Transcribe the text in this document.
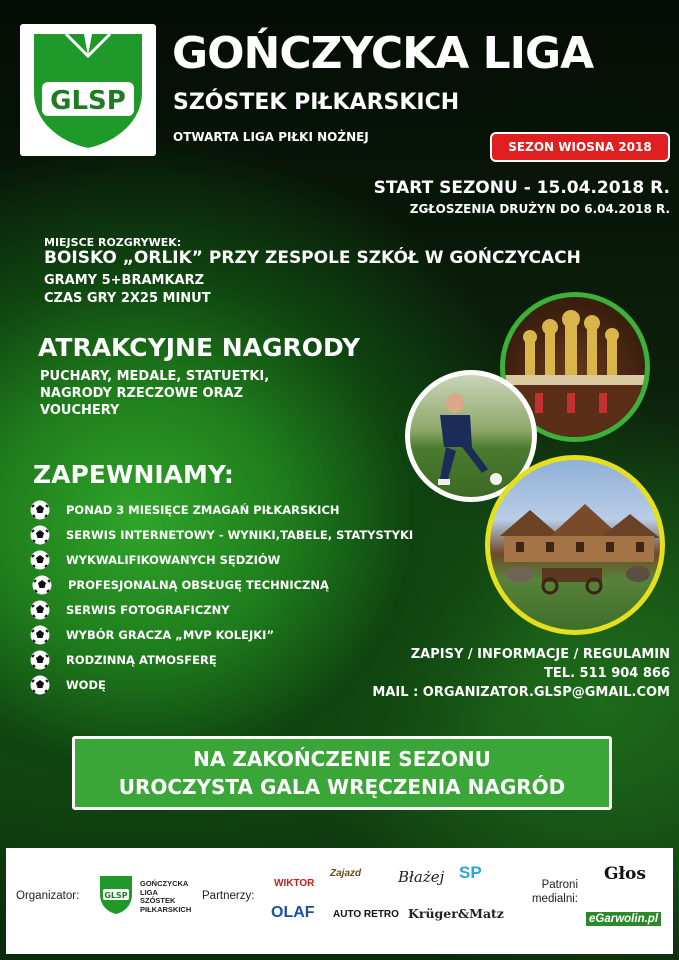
GLSP
GOŃCZYCKA LIGA
SZÓSTEK PIŁKARSKICH
OTWARTA LIGA PIŁKI NOŻNEJ
SEZON WIOSNA 2018
START SEZONU - 15.04.2018 R.
ZGŁOSZENIA DRUŻYN DO 6.04.2018 R.
MIEJSCE ROZGRYWEK:
BOISKO „ORLIK” PRZY ZESPOLE SZKÓŁ W GOŃCZYCACH
GRAMY 5+BRAMKARZ
CZAS GRY 2X25 MINUT
ATRAKCYJNE NAGRODY
PUCHARY, MEDALE, STATUETKI, NAGRODY RZECZOWE ORAZ VOUCHERY
ZAPEWNIAMY:
PONAD 3 MIESIĘCE ZMAGAŃ PIŁKARSKICH
SERWIS INTERNETOWY - WYNIKI,TABELE, STATYSTYKI
WYKWALIFIKOWANYCH SĘDZIÓW
PROFESJONALNĄ OBSŁUGĘ TECHNICZNĄ
SERWIS FOTOGRAFICZNY
WYBÓR GRACZA „MVP KOLEJKI”
RODZINNĄ ATMOSFERĘ
WODĘ
ZAPISY / INFORMACJE / REGULAMIN
TEL. 511 904 866
MAIL : ORGANIZATOR.GLSP@GMAIL.COM
NA ZAKOŃCZENIE SEZONU
UROCZYSTA GALA WRĘCZENIA NAGRÓD
Organizator:	GLSP
GOŃCZYCKA
LIGA
SZÓSTEK
PIŁKARSKICH
Partnerzy:
WIKTOR
Zajazd Błażej SP
OLAF AUTO RETRO Krüger&Matz
Patroni
medialni:
Głos
eGarwolin.pl
